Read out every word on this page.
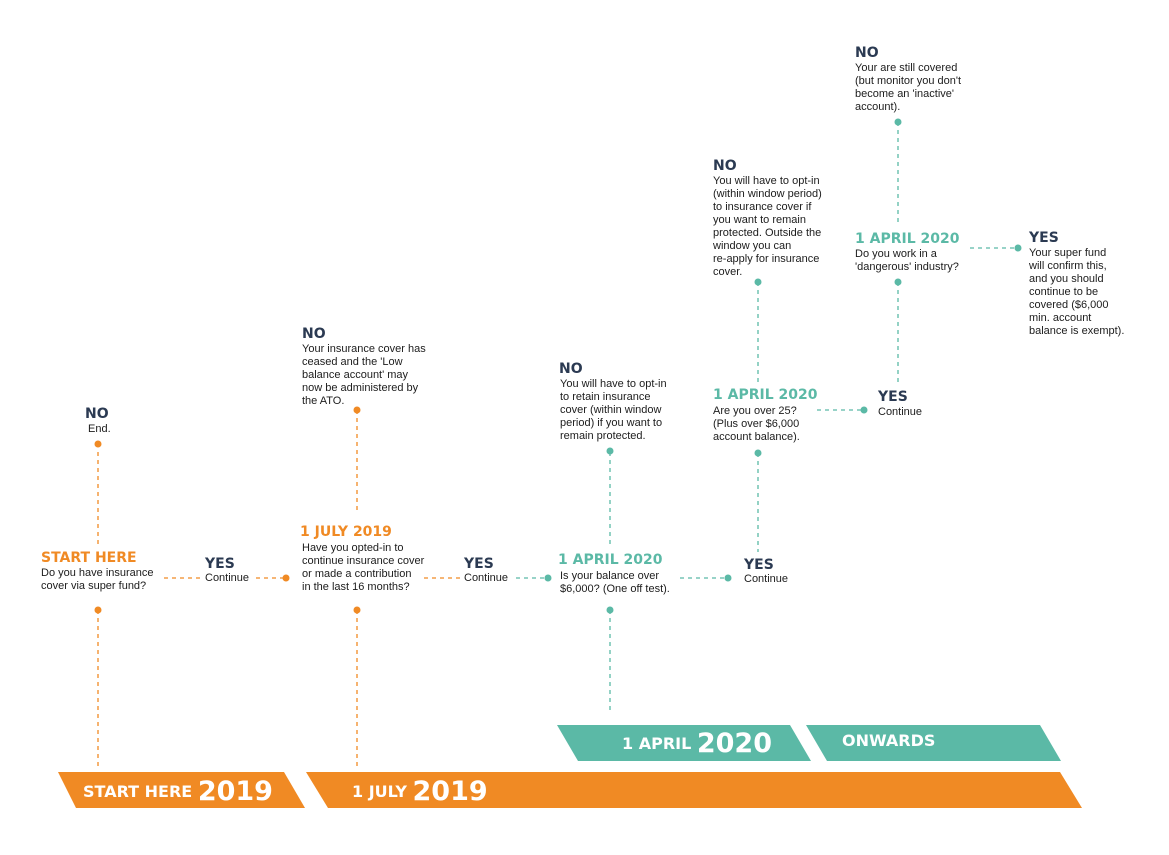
START HERE
Do you have insurance
cover via super fund?
NO
End.
YES
Continue
1 JULY 2019
Have you opted-in to
continue insurance cover
or made a contribution
in the last 16 months?
NO
Your insurance cover has
ceased and the 'Low
balance account' may
now be administered by
the ATO.
YES
Continue
1 APRIL 2020
Is your balance over
$6,000? (One off test).
NO
You will have to opt-in
to retain insurance
cover (within window
period) if you want to
remain protected.
YES
Continue
1 APRIL 2020
Are you over 25?
(Plus over $6,000
account balance).
NO
You will have to opt-in
(within window period)
to insurance cover if
you want to remain
protected. Outside the
window you can
re-apply for insurance
cover.
YES
Continue
1 APRIL 2020
Do you work in a
'dangerous' industry?
NO
Your are still covered
(but monitor you don't
become an 'inactive'
account).
YES
Your super fund
will confirm this,
and you should
continue to be
covered ($6,000
min. account
balance is exempt).
START HERE 2019	1 JULY 2019
1 APRIL 2020	ONWARDS
